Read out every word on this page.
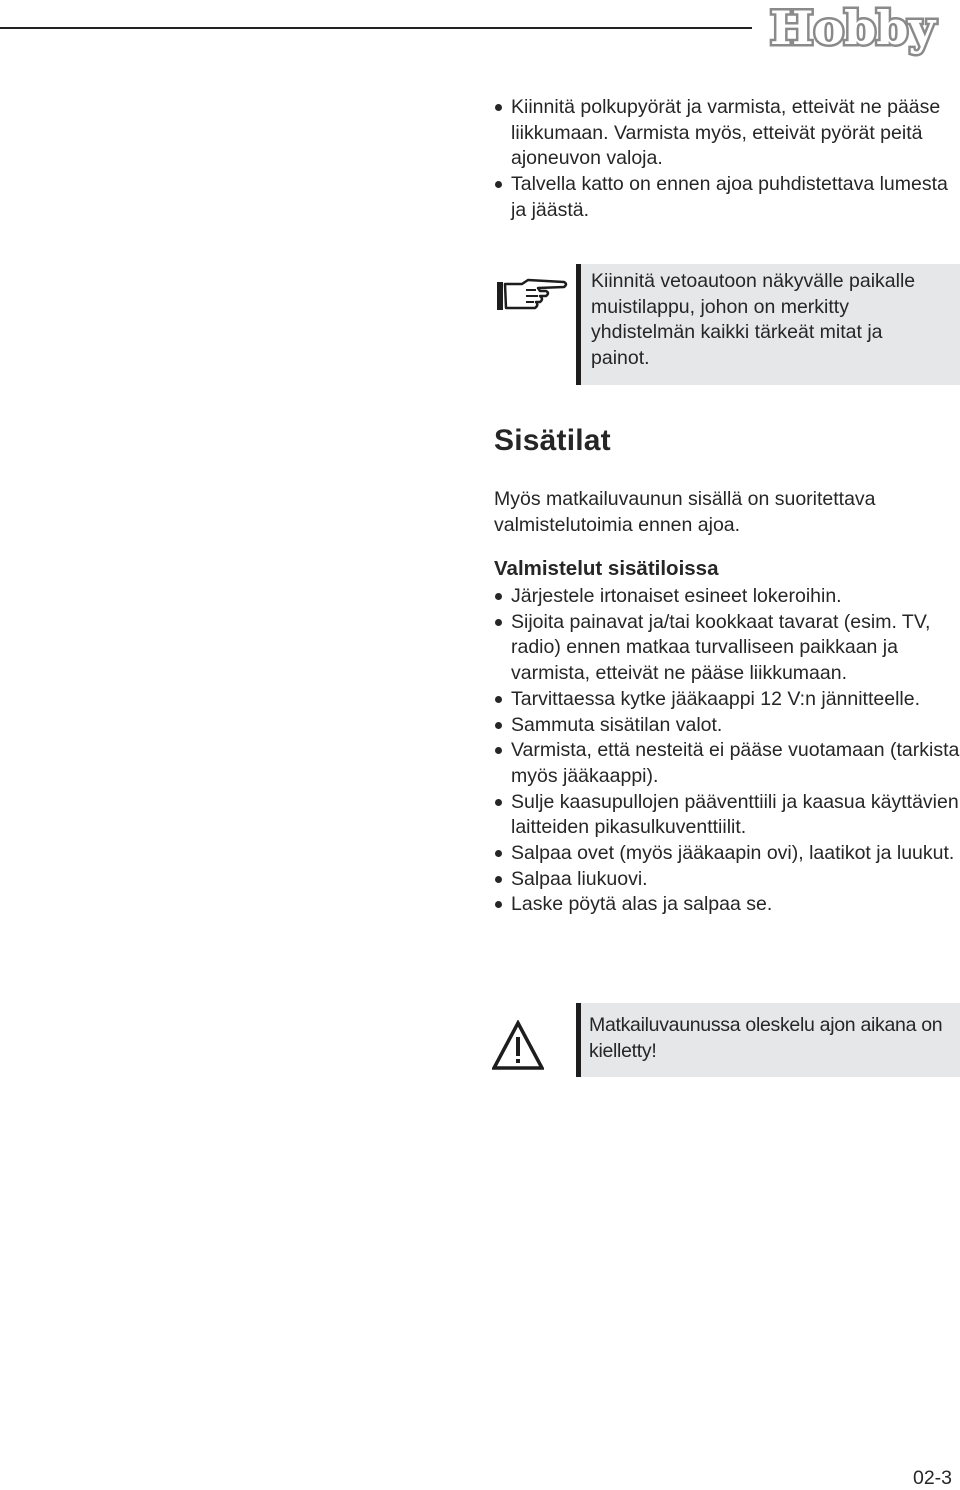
Hobby
Kiinnitä polkupyörät ja varmista, etteivät ne pääse liikkumaan. Varmista myös, etteivät pyörät peitä ajoneuvon valoja.
Talvella katto on ennen ajoa puhdistettava lumesta ja jäästä.
Kiinnitä vetoautoon näkyvälle paikalle muistilappu, johon on merkitty yhdistelmän kaikki tärkeät mitat ja painot.
Sisätilat

Myös matkailuvaunun sisällä on suoritettava valmistelutoimia ennen ajoa.

Valmistelut sisätiloissa
Järjestele irtonaiset esineet lokeroihin.
Sijoita painavat ja/tai kookkaat tavarat (esim. TV, radio) ennen matkaa turvalliseen paikkaan ja varmista, etteivät ne pääse liikkumaan.
Tarvittaessa kytke jääkaappi 12 V:n jännitteelle.
Sammuta sisätilan valot.
Varmista, että nesteitä ei pääse vuotamaan (tarkista myös jääkaappi).
Sulje kaasupullojen pääventtiili ja kaasua käyttävien laitteiden pikasulkuventtiilit.
Salpaa ovet (myös jääkaapin ovi), laatikot ja luukut.
Salpaa liukuovi.
Laske pöytä alas ja salpaa se.
Matkailuvaunussa oleskelu ajon aikana on kielletty!
02-3
